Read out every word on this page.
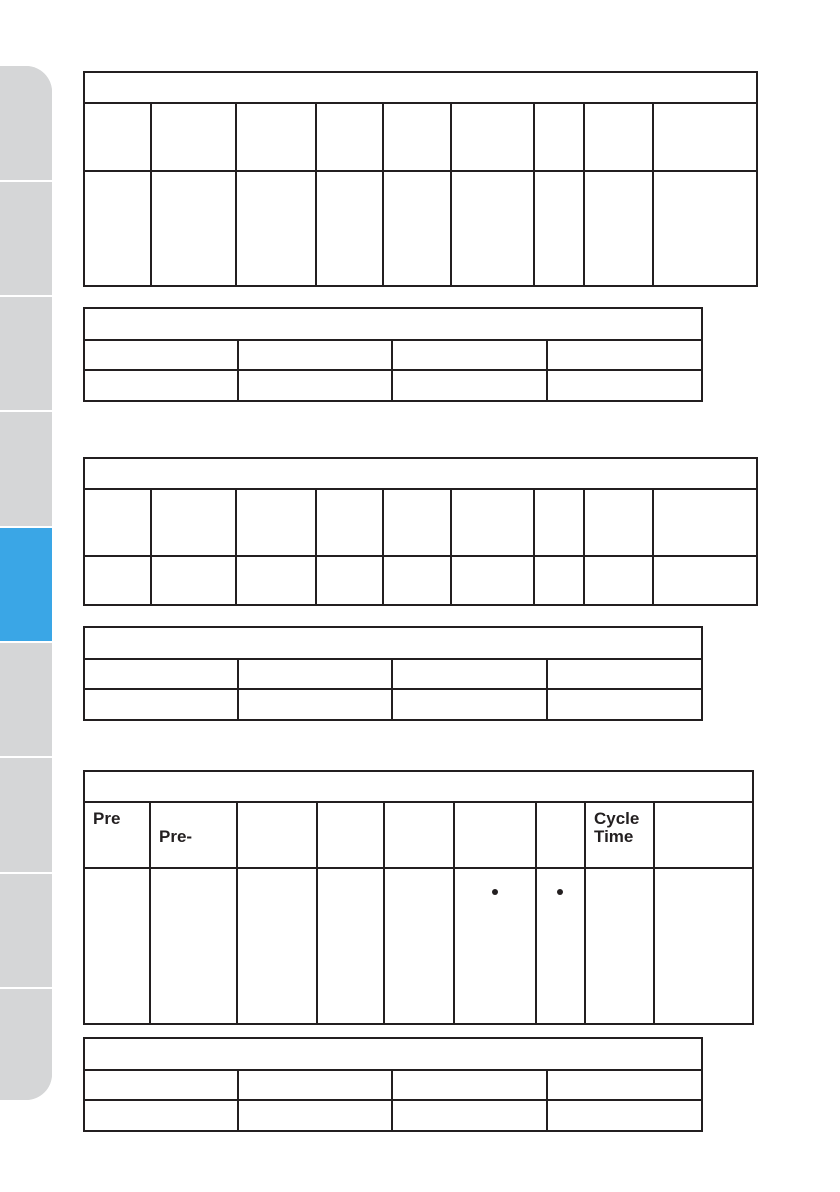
Pre	Pre-						Cycle
Time	
